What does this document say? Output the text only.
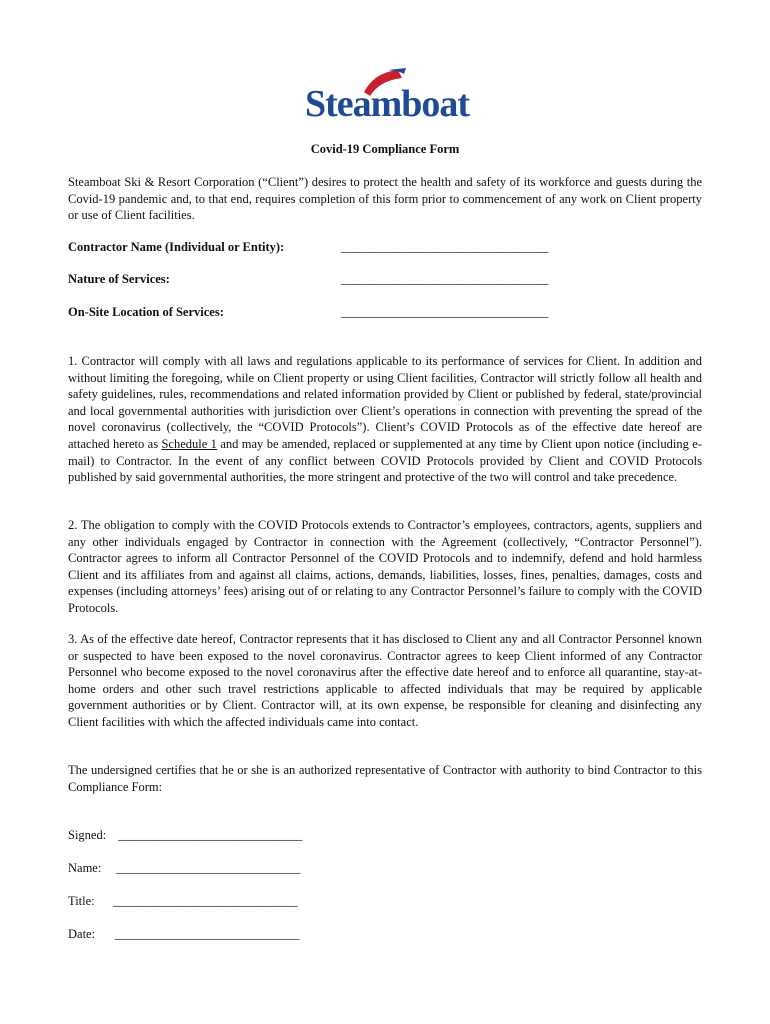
Steamboat
Covid-19 Compliance Form

Steamboat Ski & Resort Corporation (“Client”) desires to protect the health and safety of its workforce and guests during the Covid-19 pandemic and, to that end, requires completion of this form prior to commencement of any work on Client property or use of Client facilities.

Contractor Name (Individual or Entity):	____________________________________
Nature of Services:	____________________________________
On-Site Location of Services:	____________________________________

1. Contractor will comply with all laws and regulations applicable to its performance of services for Client. In addition and without limiting the foregoing, while on Client property or using Client facilities, Contractor will strictly follow all health and safety guidelines, rules, recommendations and related information provided by Client or published by federal, state/provincial and local governmental authorities with jurisdiction over Client’s operations in connection with preventing the spread of the novel coronavirus (collectively, the “COVID Protocols”). Client’s COVID Protocols as of the effective date hereof are attached hereto as Schedule 1 and may be amended, replaced or supplemented at any time by Client upon notice (including e-mail) to Contractor. In the event of any conflict between COVID Protocols provided by Client and COVID Protocols published by said governmental authorities, the more stringent and protective of the two will control and take precedence.

2. The obligation to comply with the COVID Protocols extends to Contractor’s employees, contractors, agents, suppliers and any other individuals engaged by Contractor in connection with the Agreement (collectively, “Contractor Personnel”). Contractor agrees to inform all Contractor Personnel of the COVID Protocols and to indemnify, defend and hold harmless Client and its affiliates from and against all claims, actions, demands, liabilities, losses, fines, penalties, damages, costs and expenses (including attorneys’ fees) arising out of or relating to any Contractor Personnel’s failure to comply with the COVID Protocols.

3. As of the effective date hereof, Contractor represents that it has disclosed to Client any and all Contractor Personnel known or suspected to have been exposed to the novel coronavirus. Contractor agrees to keep Client informed of any Contractor Personnel who become exposed to the novel coronavirus after the effective date hereof and to enforce all quarantine, stay-at-home orders and other such travel restrictions applicable to affected individuals that may be required by applicable government authorities or by Client. Contractor will, at its own expense, be responsible for cleaning and disinfecting any Client facilities with which the affected individuals came into contact.

The undersigned certifies that he or she is an authorized representative of Contractor with authority to bind Contractor to this Compliance Form:

Signed: ________________________________
Name: ________________________________
Title: ________________________________
Date: ________________________________
